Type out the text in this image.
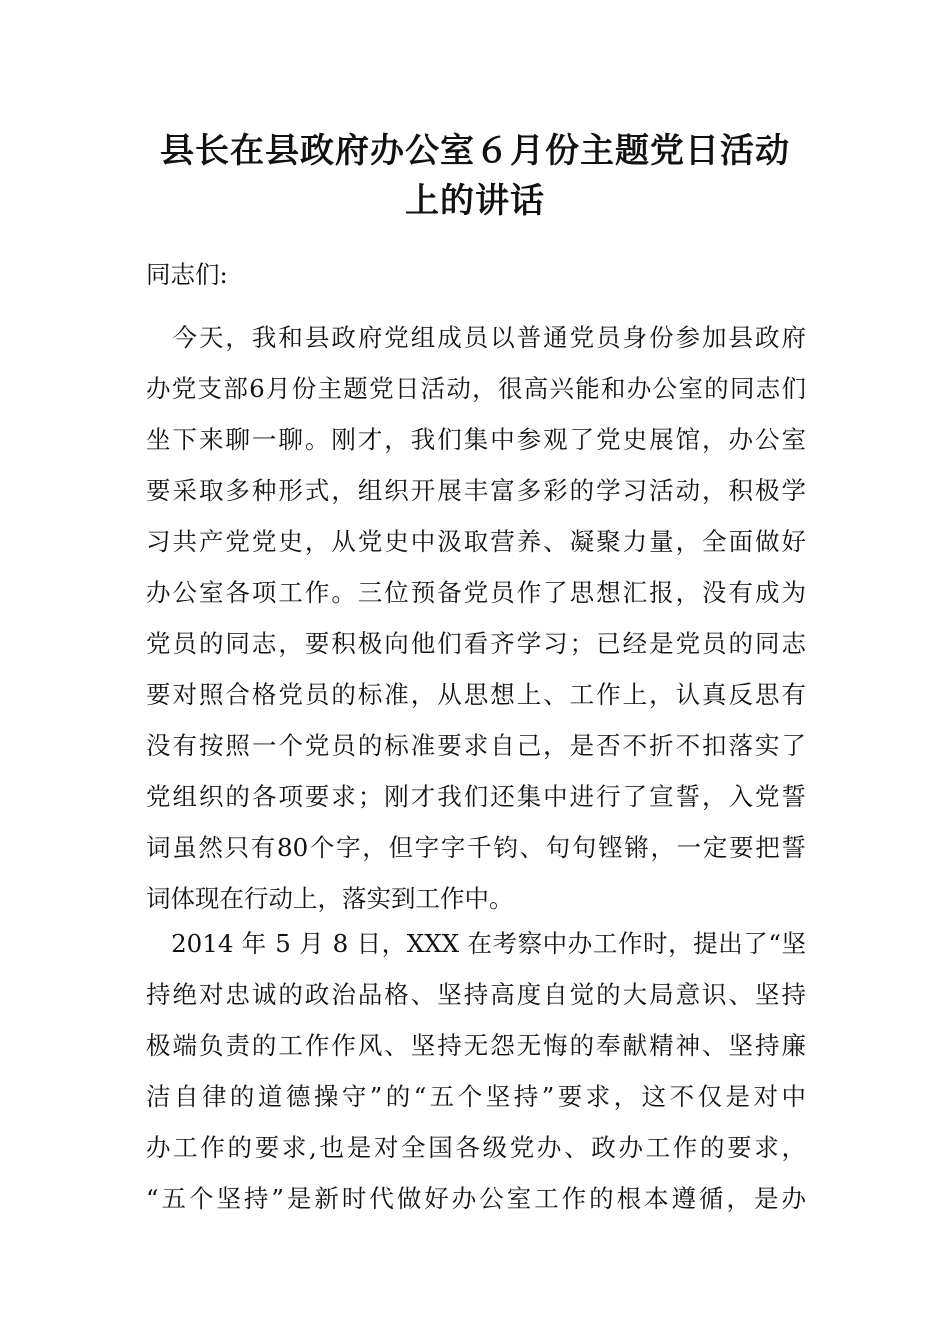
县长在县政府办公室６月份主题党日活动
上的讲话
同志们:
　今天，我和县政府党组成员以普通党员身份参加县政府
办党支部6月份主题党日活动，很高兴能和办公室的同志们
坐下来聊一聊。刚才，我们集中参观了党史展馆，办公室
要采取多种形式，组织开展丰富多彩的学习活动，积极学
习共产党党史，从党史中汲取营养、凝聚力量，全面做好
办公室各项工作。三位预备党员作了思想汇报，没有成为
党员的同志，要积极向他们看齐学习；已经是党员的同志
要对照合格党员的标准，从思想上、工作上，认真反思有
没有按照一个党员的标准要求自己，是否不折不扣落实了
党组织的各项要求；刚才我们还集中进行了宣誓，入党誓
词虽然只有80个字，但字字千钧、句句铿锵，一定要把誓
词体现在行动上，落实到工作中。
　2014 年 5 月 8 日，XXX 在考察中办工作时，提出了“坚
持绝对忠诚的政治品格、坚持高度自觉的大局意识、坚持
极端负责的工作作风、坚持无怨无悔的奉献精神、坚持廉
洁自律的道德操守”的“五个坚持”要求，这不仅是对中
办工作的要求,也是对全国各级党办、政办工作的要求，
“五个坚持”是新时代做好办公室工作的根本遵循，是办
